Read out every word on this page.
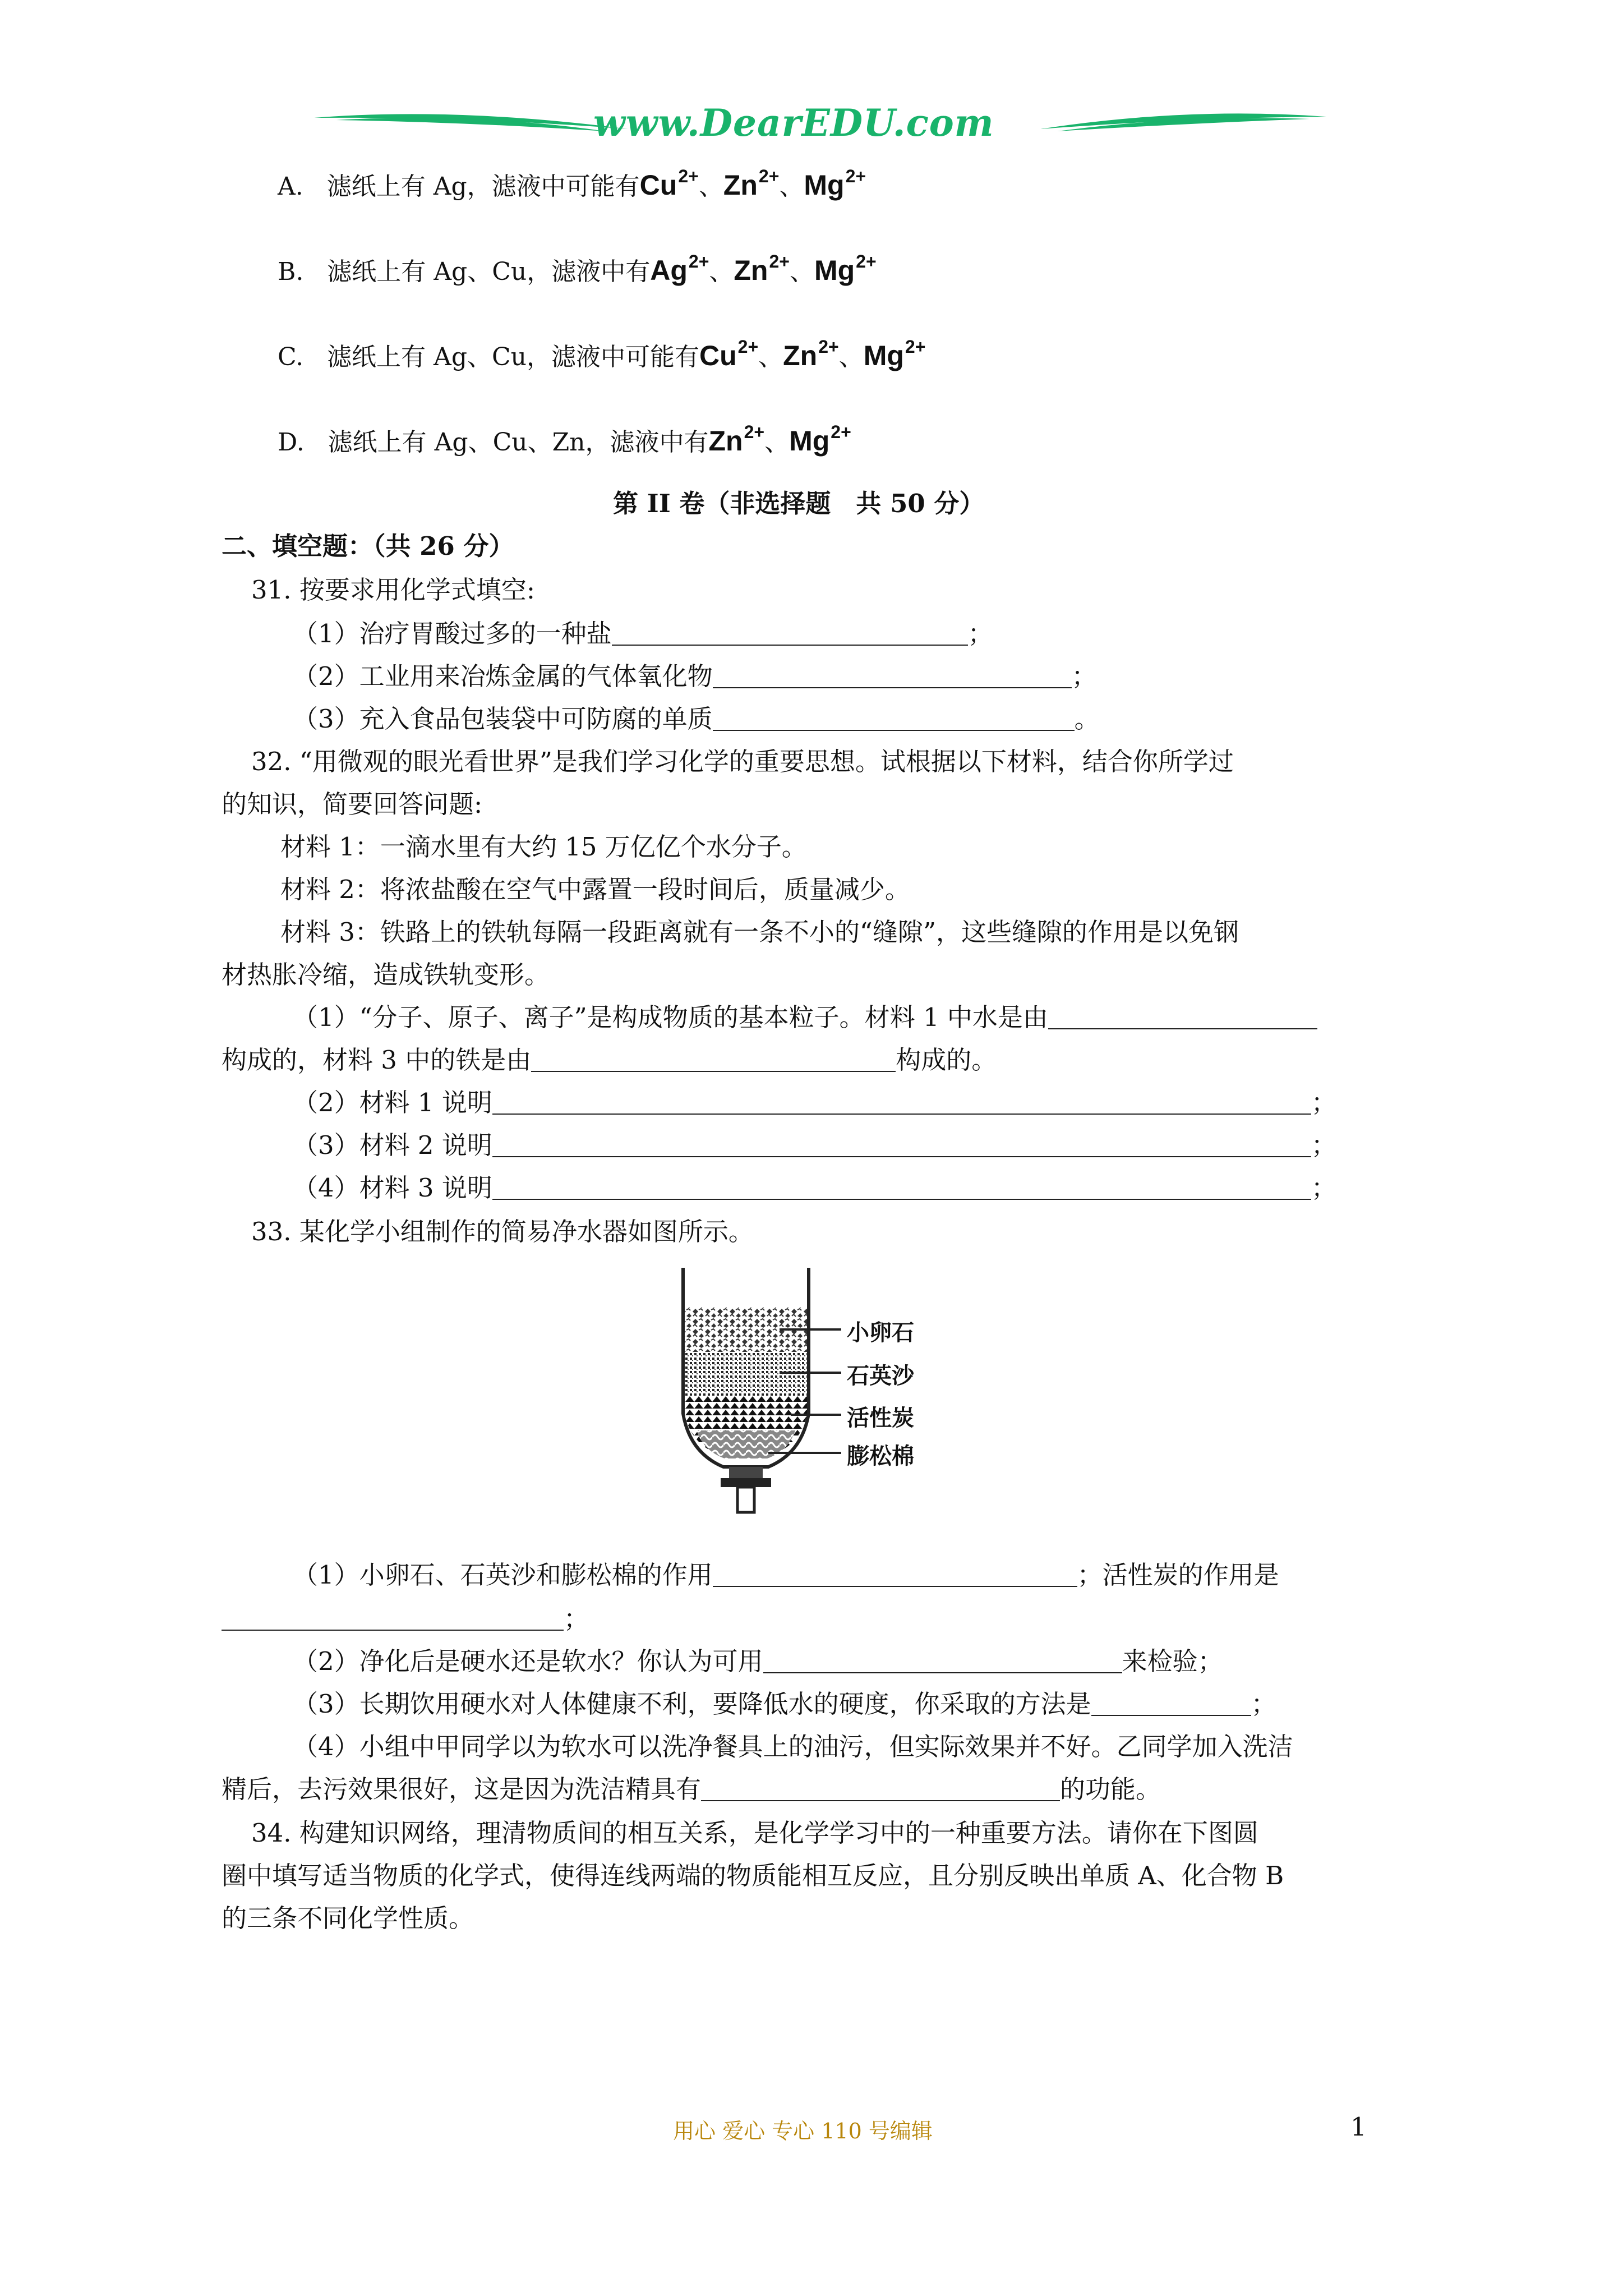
www.DearEDU.com
A. 滤纸上有 Ag，滤液中可能有$Cu^{2+}$、$Zn^{2+}$、$Mg^{2+}$
B. 滤纸上有 Ag、Cu，滤液中有$Ag^{2+}$、$Zn^{2+}$、$Mg^{2+}$
C. 滤纸上有 Ag、Cu，滤液中可能有$Cu^{2+}$、$Zn^{2+}$、$Mg^{2+}$
D. 滤纸上有 Ag、Cu、Zn，滤液中有$Zn^{2+}$、$Mg^{2+}$
第 II 卷（非选择题　共 50 分）
二、填空题：（共 26 分）
31. 按要求用化学式填空:
（1）治疗胃酸过多的一种盐	；
（2）工业用来冶炼金属的气体氧化物	；
（3）充入食品包装袋中可防腐的单质	。
32. “用微观的眼光看世界”是我们学习化学的重要思想。试根据以下材料，结合你所学过
的知识，简要回答问题:
材料 1：一滴水里有大约 15 万亿亿个水分子。
材料 2：将浓盐酸在空气中露置一段时间后，质量减少。
材料 3：铁路上的铁轨每隔一段距离就有一条不小的“缝隙”，这些缝隙的作用是以免钢
材热胀冷缩，造成铁轨变形。
（1）“分子、原子、离子”是构成物质的基本粒子。材料 1 中水是由
构成的，材料 3 中的铁是由	构成的。
（2）材料 1 说明	；
（3）材料 2 说明	；
（4）材料 3 说明	；
33. 某化学小组制作的简易净水器如图所示。
小卵石
石英沙
活性炭
膨松棉
（1）小卵石、石英沙和膨松棉的作用	；活性炭的作用是
；
（2）净化后是硬水还是软水？你认为可用	来检验；
（3）长期饮用硬水对人体健康不利，要降低水的硬度，你采取的方法是	；
（4）小组中甲同学以为软水可以洗净餐具上的油污，但实际效果并不好。乙同学加入洗洁
精后，去污效果很好，这是因为洗洁精具有	的功能。
34. 构建知识网络，理清物质间的相互关系，是化学学习中的一种重要方法。请你在下图圆
圈中填写适当物质的化学式，使得连线两端的物质能相互反应，且分别反映出单质 A、化合物 B
的三条不同化学性质。
用心 爱心 专心 110 号编辑	1
